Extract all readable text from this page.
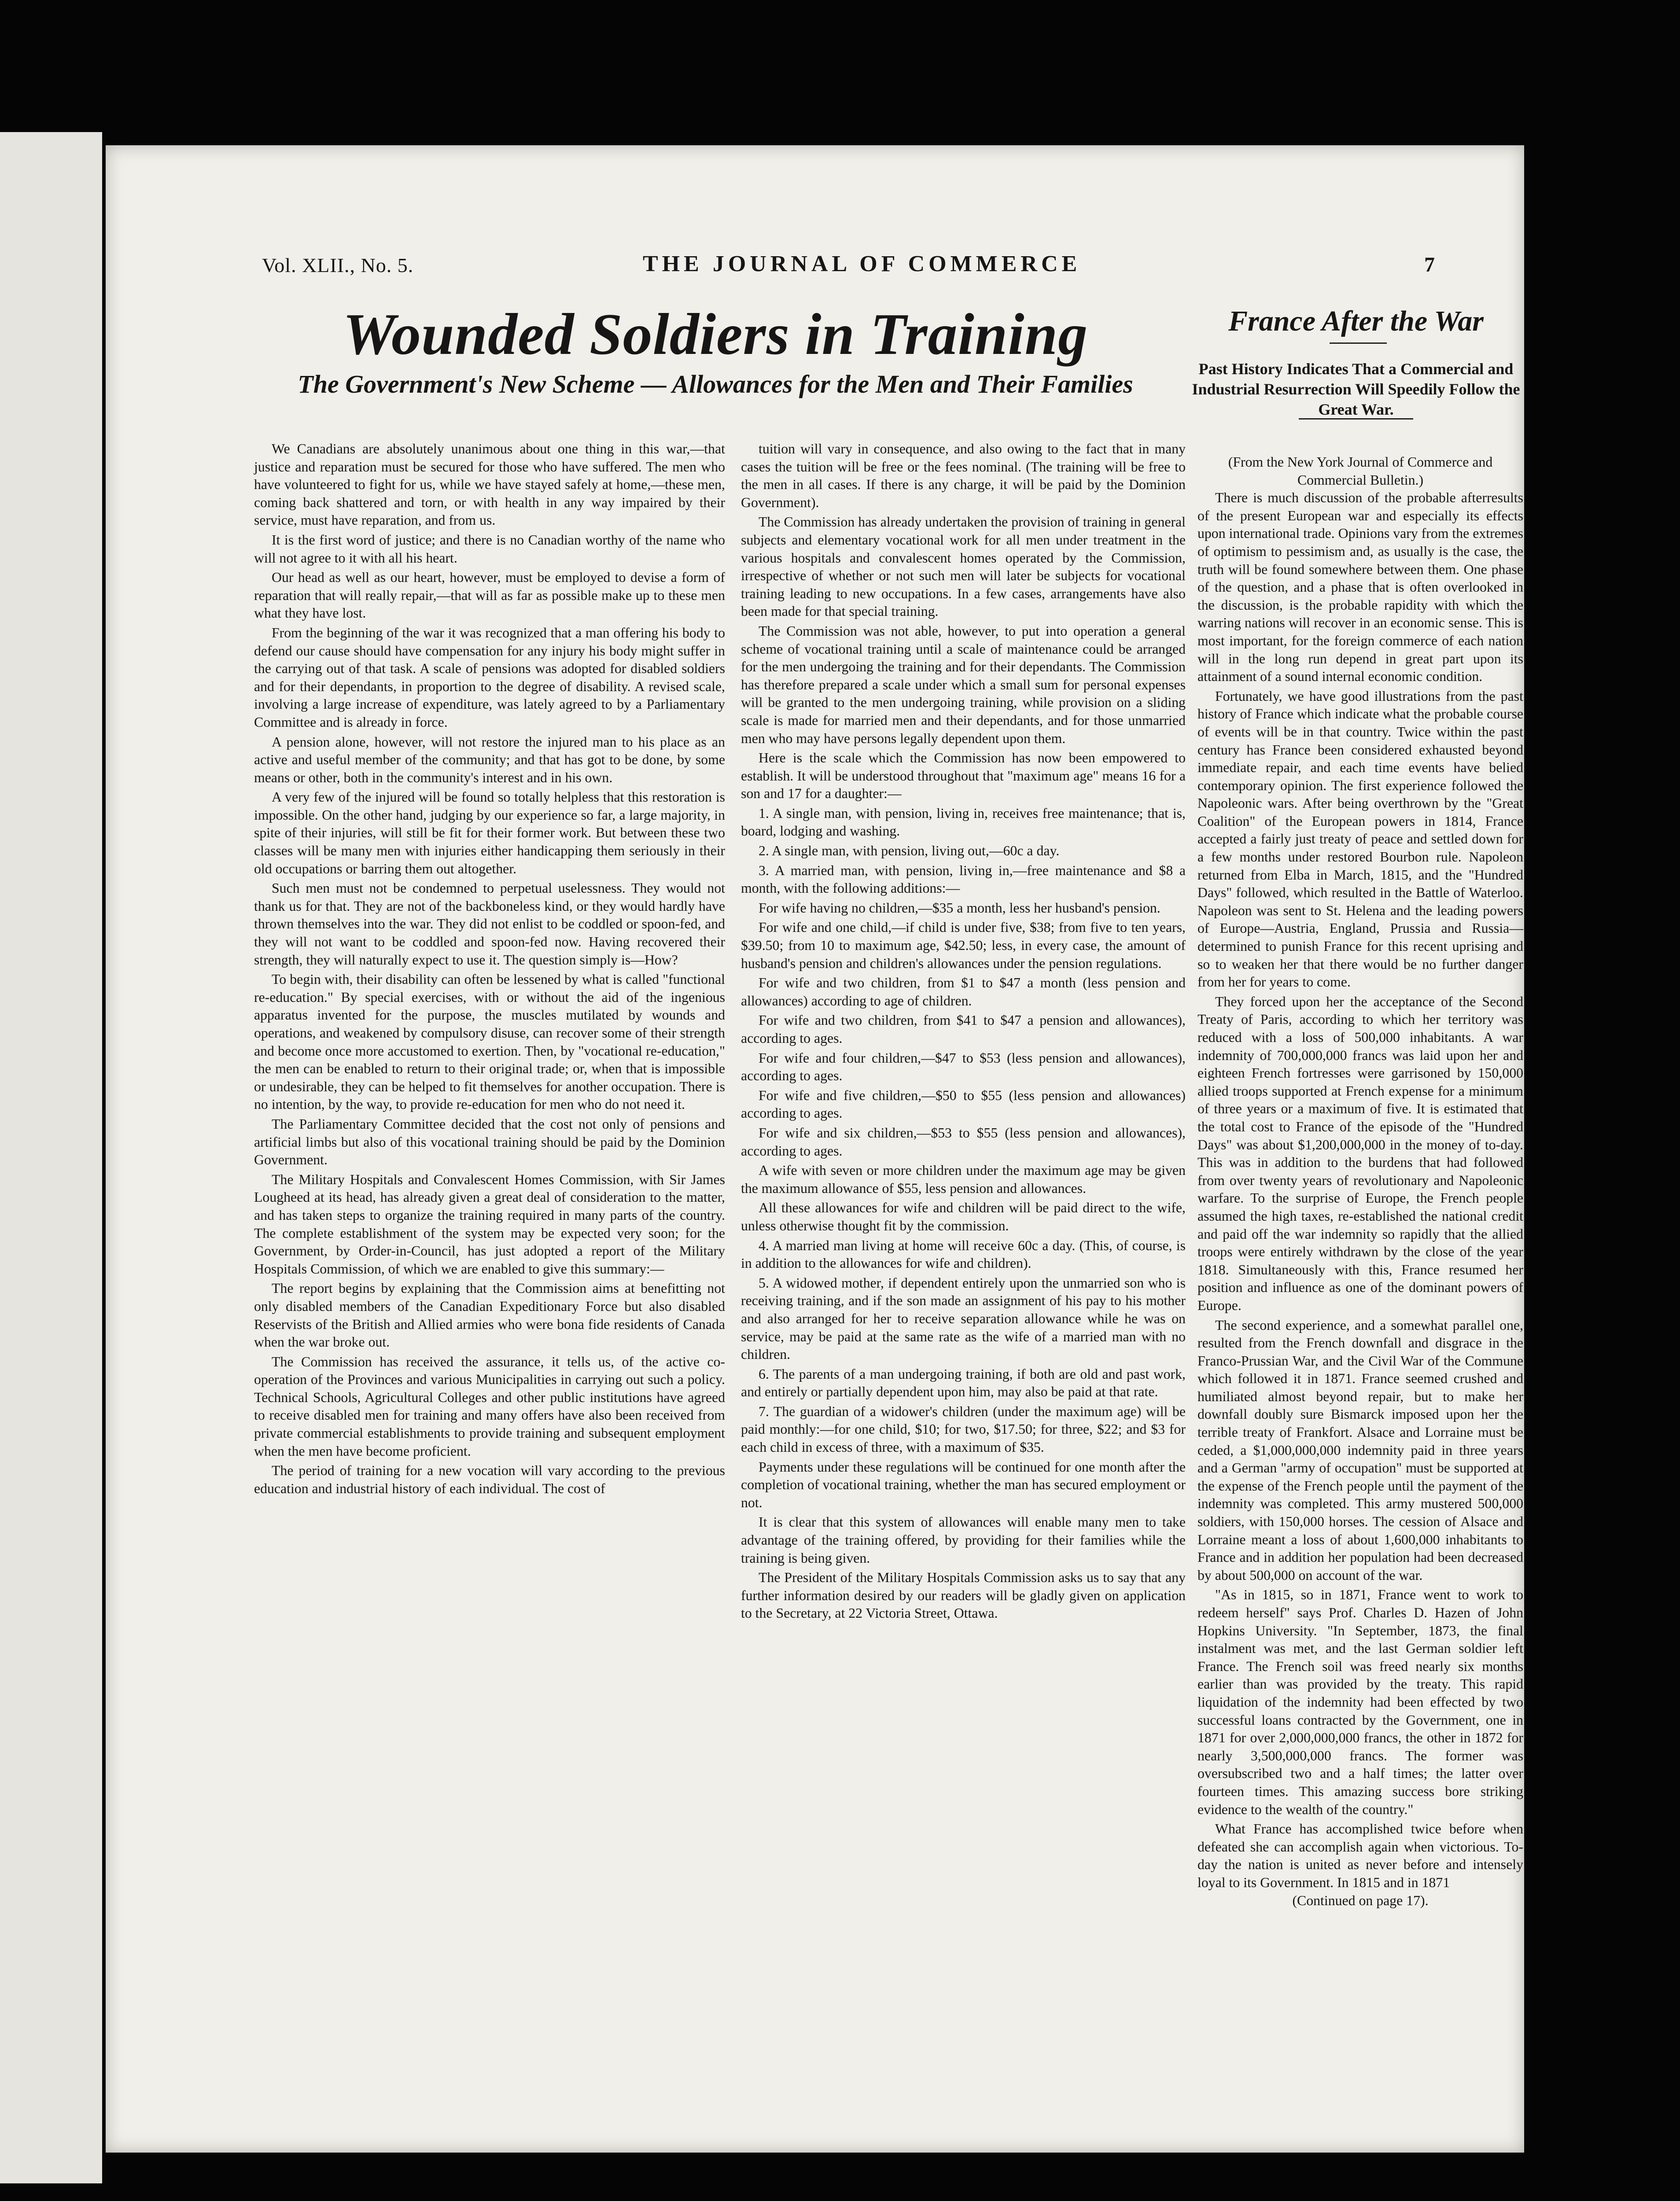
Vol. XLII., No. 5.	THE JOURNAL OF COMMERCE	7
Wounded Soldiers in Training
The Government's New Scheme — Allowances for the Men and Their Families
France After the War
Past History Indicates That a Commercial and Industrial Resurrection Will Speedily Follow the Great War.

We Canadians are absolutely unanimous about one thing in this war,—that justice and reparation must be secured for those who have suffered. The men who have volunteered to fight for us, while we have stayed safely at home,—these men, coming back shattered and torn, or with health in any way impaired by their service, must have reparation, and from us.

It is the first word of justice; and there is no Canadian worthy of the name who will not agree to it with all his heart.

Our head as well as our heart, however, must be employed to devise a form of reparation that will really repair,—that will as far as possible make up to these men what they have lost.

From the beginning of the war it was recognized that a man offering his body to defend our cause should have compensation for any injury his body might suffer in the carrying out of that task. A scale of pensions was adopted for disabled soldiers and for their dependants, in proportion to the degree of disability. A revised scale, involving a large increase of expenditure, was lately agreed to by a Parliamentary Committee and is already in force.

A pension alone, however, will not restore the injured man to his place as an active and useful member of the community; and that has got to be done, by some means or other, both in the community's interest and in his own.

A very few of the injured will be found so totally helpless that this restoration is impossible. On the other hand, judging by our experience so far, a large majority, in spite of their injuries, will still be fit for their former work. But between these two classes will be many men with injuries either handicapping them seriously in their old occupations or barring them out altogether.

Such men must not be condemned to perpetual uselessness. They would not thank us for that. They are not of the backboneless kind, or they would hardly have thrown themselves into the war. They did not enlist to be coddled or spoon-fed, and they will not want to be coddled and spoon-fed now. Having recovered their strength, they will naturally expect to use it. The question simply is—How?

To begin with, their disability can often be lessened by what is called "functional re-education." By special exercises, with or without the aid of the ingenious apparatus invented for the purpose, the muscles mutilated by wounds and operations, and weakened by compulsory disuse, can recover some of their strength and become once more accustomed to exertion. Then, by "vocational re-education," the men can be enabled to return to their original trade; or, when that is impossible or undesirable, they can be helped to fit themselves for another occupation. There is no intention, by the way, to provide re-education for men who do not need it.

The Parliamentary Committee decided that the cost not only of pensions and artificial limbs but also of this vocational training should be paid by the Dominion Government.

The Military Hospitals and Convalescent Homes Commission, with Sir James Lougheed at its head, has already given a great deal of consideration to the matter, and has taken steps to organize the training required in many parts of the country. The complete establishment of the system may be expected very soon; for the Government, by Order-in-Council, has just adopted a report of the Military Hospitals Commission, of which we are enabled to give this summary:—

The report begins by explaining that the Commission aims at benefitting not only disabled members of the Canadian Expeditionary Force but also disabled Reservists of the British and Allied armies who were bona fide residents of Canada when the war broke out.

The Commission has received the assurance, it tells us, of the active co-operation of the Provinces and various Municipalities in carrying out such a policy. Technical Schools, Agricultural Colleges and other public institutions have agreed to receive disabled men for training and many offers have also been received from private commercial establishments to provide training and subsequent employment when the men have become proficient.

The period of training for a new vocation will vary according to the previous education and industrial history of each individual. The cost of

tuition will vary in consequence, and also owing to the fact that in many cases the tuition will be free or the fees nominal. (The training will be free to the men in all cases. If there is any charge, it will be paid by the Dominion Government).

The Commission has already undertaken the provision of training in general subjects and elementary vocational work for all men under treatment in the various hospitals and convalescent homes operated by the Commission, irrespective of whether or not such men will later be subjects for vocational training leading to new occupations. In a few cases, arrangements have also been made for that special training.

The Commission was not able, however, to put into operation a general scheme of vocational training until a scale of maintenance could be arranged for the men undergoing the training and for their dependants. The Commission has therefore prepared a scale under which a small sum for personal expenses will be granted to the men undergoing training, while provision on a sliding scale is made for married men and their dependants, and for those unmarried men who may have persons legally dependent upon them.

Here is the scale which the Commission has now been empowered to establish. It will be understood throughout that "maximum age" means 16 for a son and 17 for a daughter:—

1. A single man, with pension, living in, receives free maintenance; that is, board, lodging and washing.

2. A single man, with pension, living out,—60c a day.

3. A married man, with pension, living in,—free maintenance and $8 a month, with the following additions:—

For wife having no children,—$35 a month, less her husband's pension.

For wife and one child,—if child is under five, $38; from five to ten years, $39.50; from 10 to maximum age, $42.50; less, in every case, the amount of husband's pension and children's allowances under the pension regulations.

For wife and two children, from $1 to $47 a month (less pension and allowances) according to age of children.

For wife and two children, from $41 to $47 a pension and allowances), according to ages.

For wife and four children,—$47 to $53 (less pension and allowances), according to ages.

For wife and five children,—$50 to $55 (less pension and allowances) according to ages.

For wife and six children,—$53 to $55 (less pension and allowances), according to ages.

A wife with seven or more children under the maximum age may be given the maximum allowance of $55, less pension and allowances.

All these allowances for wife and children will be paid direct to the wife, unless otherwise thought fit by the commission.

4. A married man living at home will receive 60c a day. (This, of course, is in addition to the allowances for wife and children).

5. A widowed mother, if dependent entirely upon the unmarried son who is receiving training, and if the son made an assignment of his pay to his mother and also arranged for her to receive separation allowance while he was on service, may be paid at the same rate as the wife of a married man with no children.

6. The parents of a man undergoing training, if both are old and past work, and entirely or partially dependent upon him, may also be paid at that rate.

7. The guardian of a widower's children (under the maximum age) will be paid monthly:—for one child, $10; for two, $17.50; for three, $22; and $3 for each child in excess of three, with a maximum of $35.

Payments under these regulations will be continued for one month after the completion of vocational training, whether the man has secured employment or not.

It is clear that this system of allowances will enable many men to take advantage of the training offered, by providing for their families while the training is being given.

The President of the Military Hospitals Commission asks us to say that any further information desired by our readers will be gladly given on application to the Secretary, at 22 Victoria Street, Ottawa.

(From the New York Journal of Commerce and Commercial Bulletin.)

There is much discussion of the probable afterresults of the present European war and especially its effects upon international trade. Opinions vary from the extremes of optimism to pessimism and, as usually is the case, the truth will be found somewhere between them. One phase of the question, and a phase that is often overlooked in the discussion, is the probable rapidity with which the warring nations will recover in an economic sense. This is most important, for the foreign commerce of each nation will in the long run depend in great part upon its attainment of a sound internal economic condition.

Fortunately, we have good illustrations from the past history of France which indicate what the probable course of events will be in that country. Twice within the past century has France been considered exhausted beyond immediate repair, and each time events have belied contemporary opinion. The first experience followed the Napoleonic wars. After being overthrown by the "Great Coalition" of the European powers in 1814, France accepted a fairly just treaty of peace and settled down for a few months under restored Bourbon rule. Napoleon returned from Elba in March, 1815, and the "Hundred Days" followed, which resulted in the Battle of Waterloo. Napoleon was sent to St. Helena and the leading powers of Europe—Austria, England, Prussia and Russia—determined to punish France for this recent uprising and so to weaken her that there would be no further danger from her for years to come.

They forced upon her the acceptance of the Second Treaty of Paris, according to which her territory was reduced with a loss of 500,000 inhabitants. A war indemnity of 700,000,000 francs was laid upon her and eighteen French fortresses were garrisoned by 150,000 allied troops supported at French expense for a minimum of three years or a maximum of five. It is estimated that the total cost to France of the episode of the "Hundred Days" was about $1,200,000,000 in the money of to-day. This was in addition to the burdens that had followed from over twenty years of revolutionary and Napoleonic warfare. To the surprise of Europe, the French people assumed the high taxes, re-established the national credit and paid off the war indemnity so rapidly that the allied troops were entirely withdrawn by the close of the year 1818. Simultaneously with this, France resumed her position and influence as one of the dominant powers of Europe.

The second experience, and a somewhat parallel one, resulted from the French downfall and disgrace in the Franco-Prussian War, and the Civil War of the Commune which followed it in 1871. France seemed crushed and humiliated almost beyond repair, but to make her downfall doubly sure Bismarck imposed upon her the terrible treaty of Frankfort. Alsace and Lorraine must be ceded, a $1,000,000,000 indemnity paid in three years and a German "army of occupation" must be supported at the expense of the French people until the payment of the indemnity was completed. This army mustered 500,000 soldiers, with 150,000 horses. The cession of Alsace and Lorraine meant a loss of about 1,600,000 inhabitants to France and in addition her population had been decreased by about 500,000 on account of the war.

"As in 1815, so in 1871, France went to work to redeem herself" says Prof. Charles D. Hazen of John Hopkins University. "In September, 1873, the final instalment was met, and the last German soldier left France. The French soil was freed nearly six months earlier than was provided by the treaty. This rapid liquidation of the indemnity had been effected by two successful loans contracted by the Government, one in 1871 for over 2,000,000,000 francs, the other in 1872 for nearly 3,500,000,000 francs. The former was oversubscribed two and a half times; the latter over fourteen times. This amazing success bore striking evidence to the wealth of the country."

What France has accomplished twice before when defeated she can accomplish again when victorious. To-day the nation is united as never before and intensely loyal to its Government. In 1815 and in 1871

(Continued on page 17).
